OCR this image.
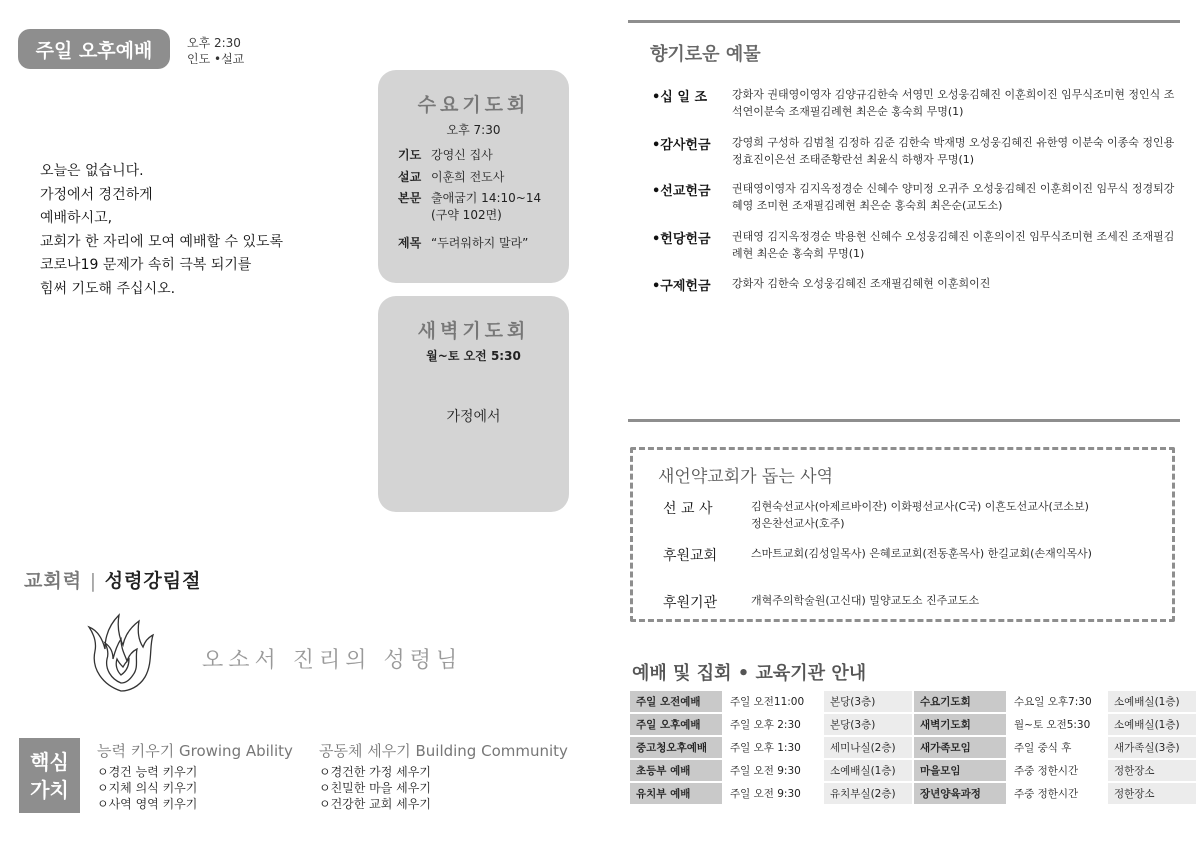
주일 오후예배	오후 2:30
인도 •설교
오늘은 없습니다.
가정에서 경건하게
예배하시고,
교회가 한 자리에 모여 예배할 수 있도록
코로나19 문제가 속히 극복 되기를
힘써 기도해 주십시오.
수요기도회
오후 7:30
기도 강영신 집사
설교 이훈희 전도사
본문 출애굽기 14:10~14
(구약 102면)
제목 “두려워하지 말라”
새벽기도회
월~토 오전 5:30
가정에서
교회력 | 성령강림절
오소서 진리의 성령님
핵심
가치
능력 키우기 Growing Ability
ㅇ경건 능력 키우기
ㅇ지체 의식 키우기
ㅇ사역 영역 키우기
공동체 세우기 Building Community
ㅇ경건한 가정 세우기
ㅇ친밀한 마을 세우기
ㅇ건강한 교회 세우기
향기로운 예물
•십 일 조	강화자 권태영이영자 김양규김한숙 서영민 오성웅김혜진 이훈희이진 임무식조미현 정인식 조석연이분숙 조재필김례현 최은순 홍숙희 무명(1)
•감사헌금	강영희 구성하 김범철 김정하 김준 김한숙 박재명 오성웅김혜진 유한영 이분숙 이종숙 정인용 정효진이은선 조태준황란선 최윤식 하행자 무명(1)
•선교헌금	권태영이영자 김지옥정경순 신혜수 양미정 오귀주 오성웅김혜진 이훈희이진 임무식 정경퇴강혜영 조미현 조재필김례현 최은순 홍숙희 최은순(교도소)
•헌당헌금	권태영 김지옥정경순 박용현 신혜수 오성웅김혜진 이훈의이진 임무식조미현 조세진 조재필김례현 최은순 홍숙희 무명(1)
•구제헌금	강화자 김한숙 오성웅김혜진 조재필김혜현 이훈희이진
새언약교회가 돕는 사역
선 교 사	김현숙선교사(아제르바이잔) 이화평선교사(C국) 이흔도선교사(코소보)
정은찬선교사(호주)
후원교회	스마트교회(김성일목사) 은혜로교회(전동훈목사) 한길교회(손재익목사)
후원기관	개혁주의학술원(고신대) 밀양교도소 진주교도소
예배 및 집회 • 교육기관 안내
주일 오전예배	주일 오전11:00	본당(3층)	수요기도회	수요일 오후7:30	소예배실(1층)
주일 오후예배	주일 오후 2:30	본당(3층)	새벽기도회	월~토 오전5:30	소예배실(1층)
중고청오후예배	주일 오후 1:30	세미나실(2층)	새가족모임	주일 중식 후	새가족실(3층)
초등부 예배	주일 오전 9:30	소예배실(1층)	마을모임	주중 정한시간	정한장소
유치부 예배	주일 오전 9:30	유치부실(2층)	장년양육과정	주중 정한시간	정한장소
